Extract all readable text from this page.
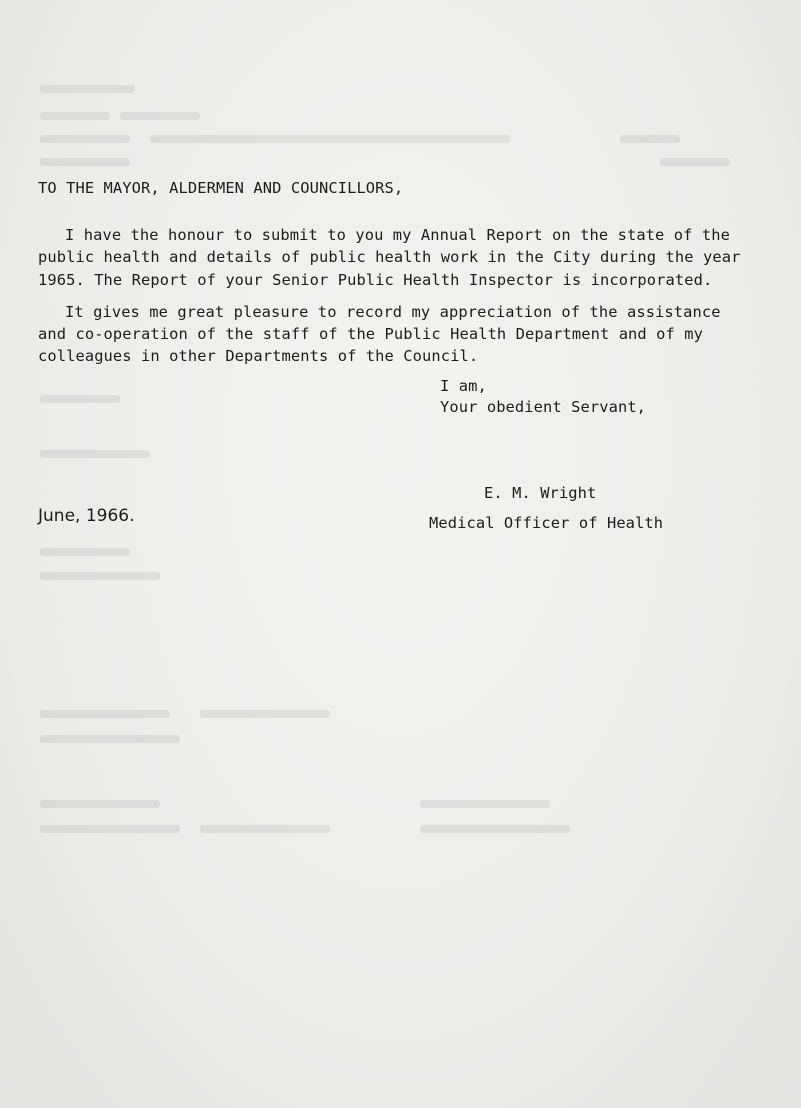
TO THE MAYOR, ALDERMEN AND COUNCILLORS,
I have the honour to submit to you my Annual Report on the state of the
public health and details of public health work in the City during the year
1965. The Report of your Senior Public Health Inspector is incorporated.
It gives me great pleasure to record my appreciation of the assistance
and co-operation of the staff of the Public Health Department and of my
colleagues in other Departments of the Council.
I am,
Your obedient Servant,
E. M. Wright
June, 1966.	Medical Officer of Health
